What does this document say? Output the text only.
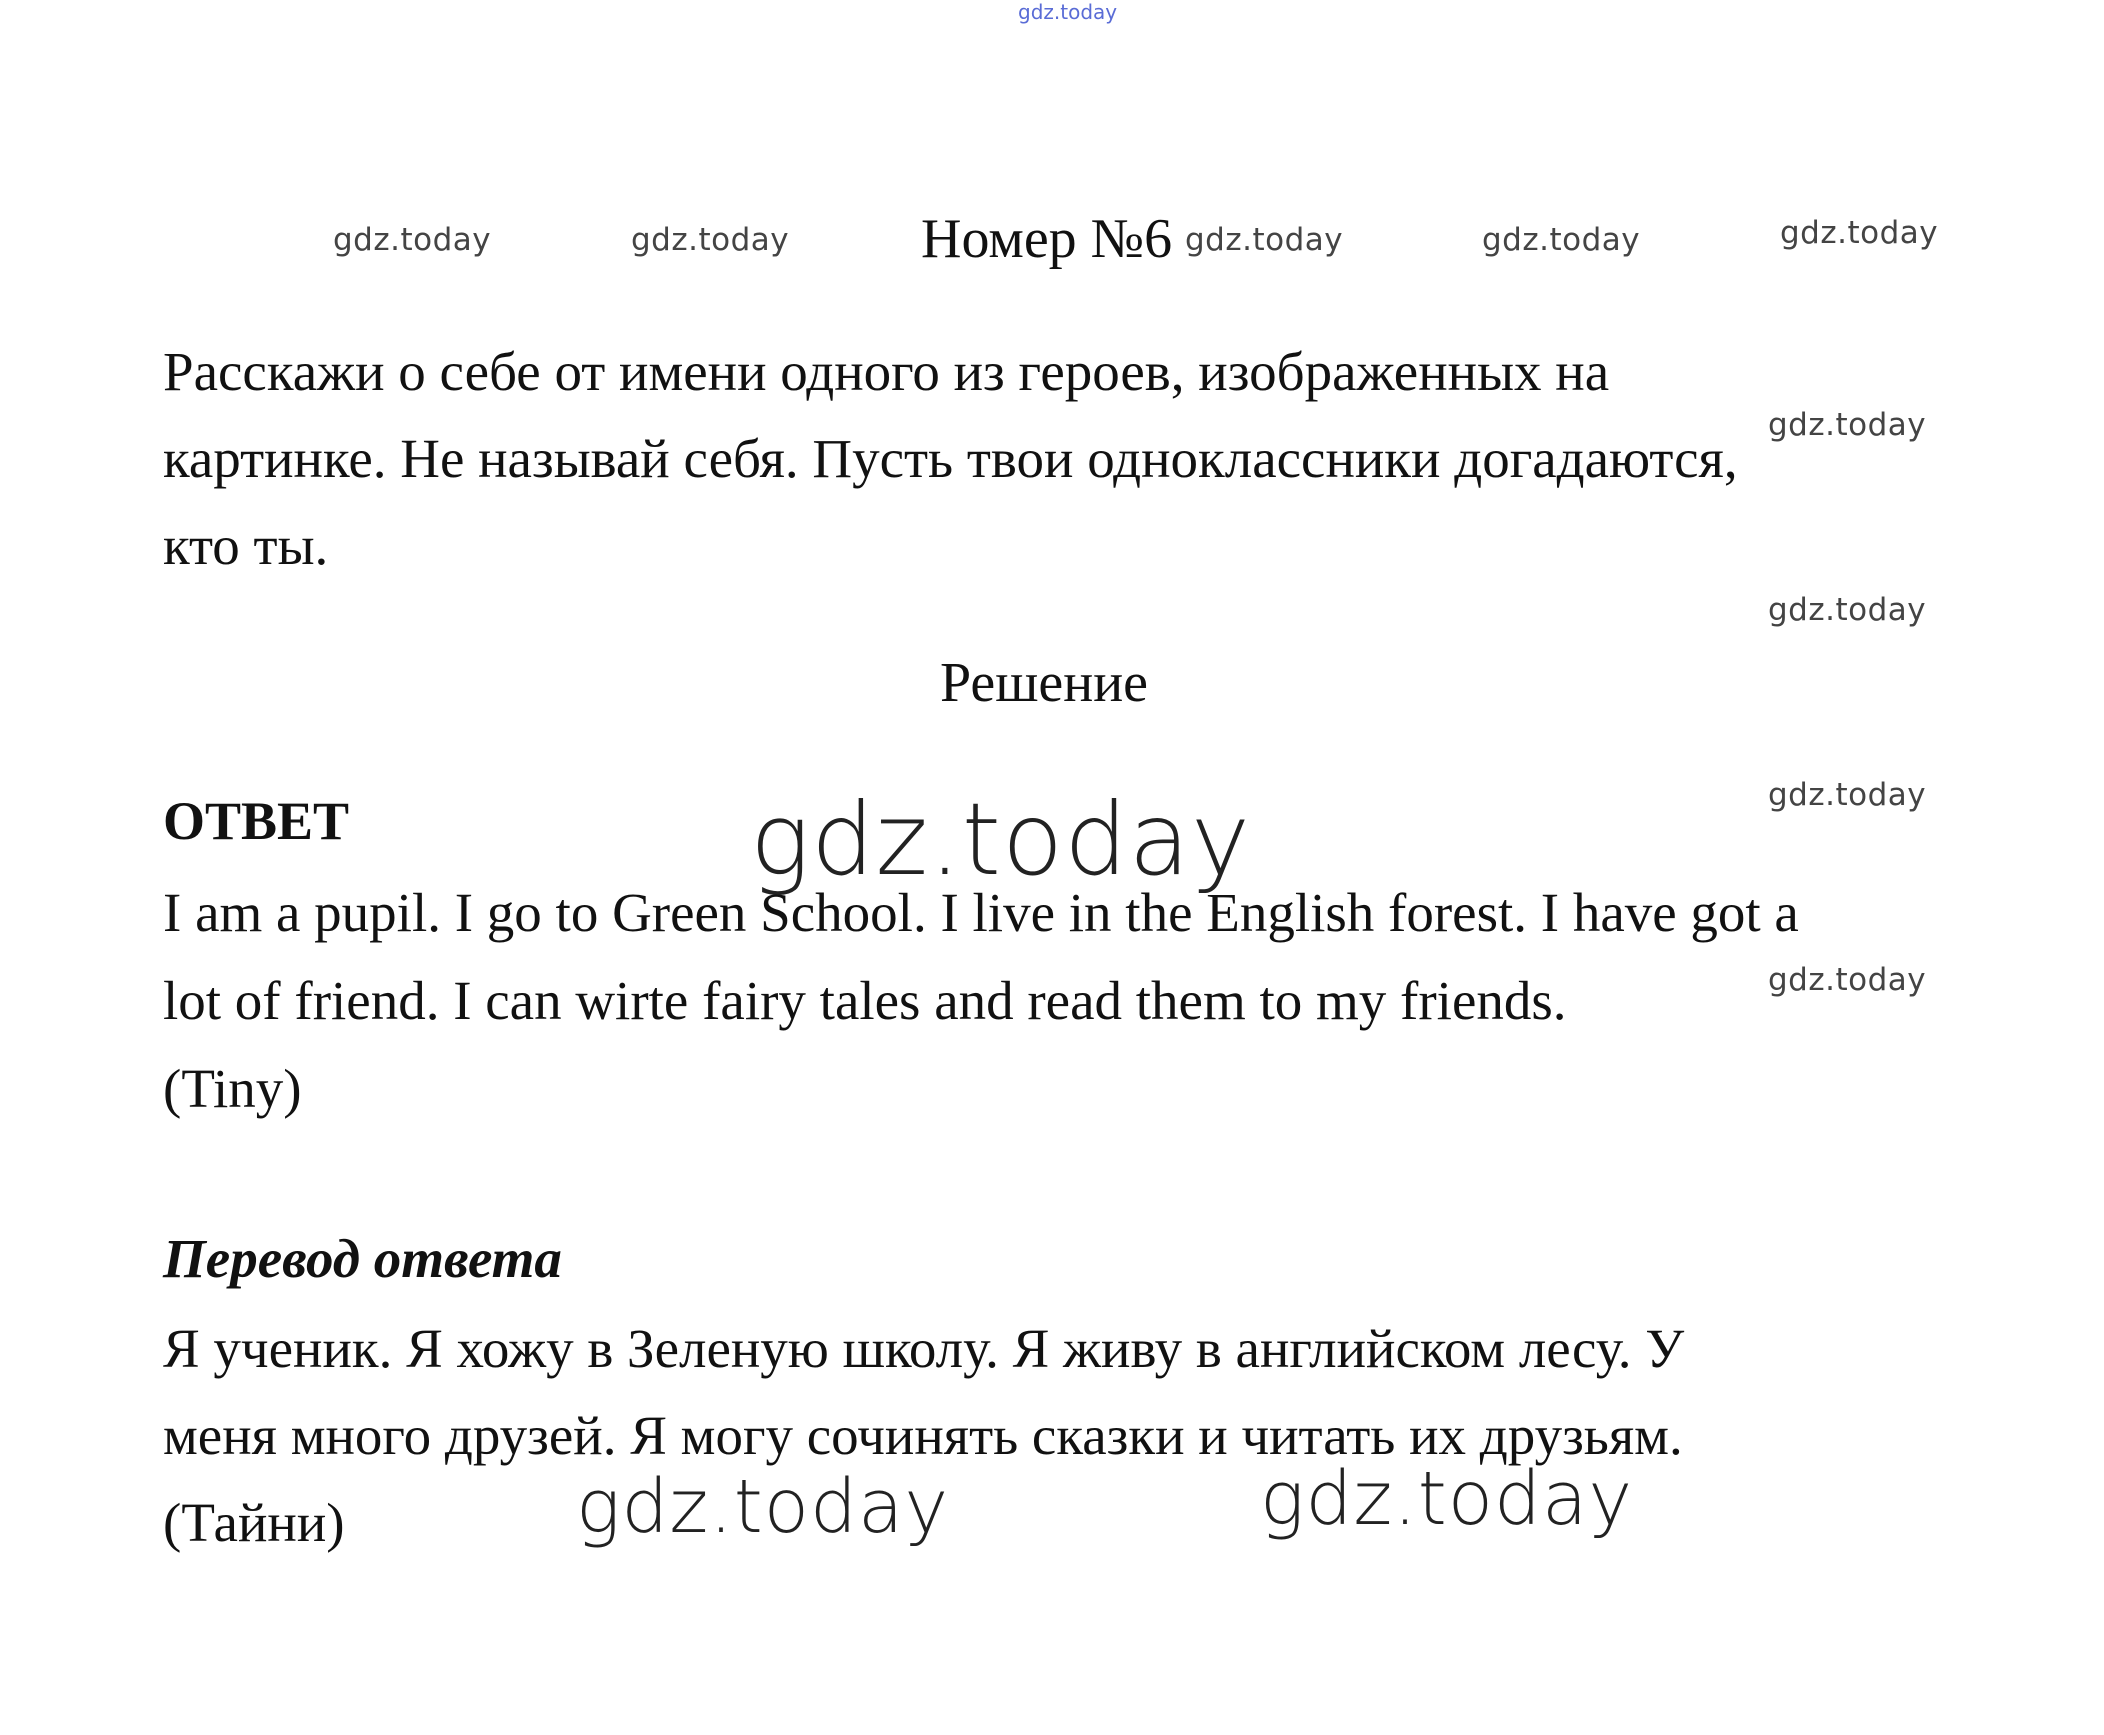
gdz.today
gdz.today	gdz.today	gdz.today	gdz.today	gdz.today
gdz.today
gdz.today
gdz.today
gdz.today
gdz.today
gdz.today	gdz.today
Номер №6
Расскажи о себе от имени одного из героев, изображенных на
картинке. Не называй себя. Пусть твои одноклассники догадаются,
кто ты.
Решение
ОТВЕТ
I am a pupil. I go to Green School. I live in the English forest. I have got a
lot of friend. I can wirte fairy tales and read them to my friends.
(Tiny)
Перевод ответа
Я ученик. Я хожу в Зеленую школу. Я живу в английском лесу. У
меня много друзей. Я могу сочинять сказки и читать их друзьям.
(Тайни)
